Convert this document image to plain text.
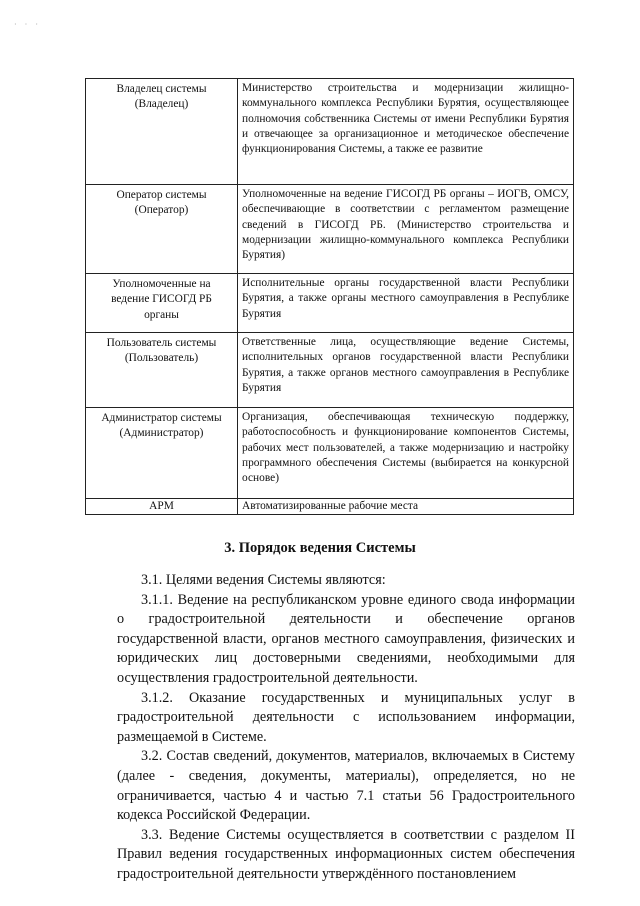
· · ·
Владелец системы
(Владелец)	Министерство строительства и модернизации жилищно-коммунального комплекса Республики Бурятия, осуществляющее полномочия собственника Системы от имени Республики Бурятия и отвечающее за организационное и методическое обеспечение функционирования Системы, а также ее развитие

Оператор системы
(Оператор)	Уполномоченные на ведение ГИСОГД РБ органы – ИОГВ, ОМСУ, обеспечивающие в соответствии с регламентом размещение сведений в ГИСОГД РБ. (Министерство строительства и модернизации жилищно-коммунального комплекса Республики Бурятия)

Уполномоченные на
ведение ГИСОГД РБ
органы	Исполнительные органы государственной власти Республики Бурятия, а также органы местного самоуправления в Республике Бурятия

Пользователь системы
(Пользователь)	Ответственные лица, осуществляющие ведение Системы, исполнительных органов государственной власти Республики Бурятия, а также органов местного самоуправления в Республике Бурятия

Администратор системы
(Администратор)	Организация, обеспечивающая техническую поддержку, работоспособность и функционирование компонентов Системы, рабочих мест пользователей, а также модернизацию и настройку программного обеспечения Системы (выбирается на конкурсной основе)

АРМ	Автоматизированные рабочие места
3. Порядок ведения Системы

3.1. Целями ведения Системы являются:

3.1.1. Ведение на республиканском уровне единого свода информации о градостроительной деятельности и обеспечение органов государственной власти, органов местного самоуправления, физических и юридических лиц достоверными сведениями, необходимыми для осуществления градостроительной деятельности.

3.1.2. Оказание государственных и муниципальных услуг в градостроительной деятельности с использованием информации, размещаемой в Системе.

3.2. Состав сведений, документов, материалов, включаемых в Систему (далее - сведения, документы, материалы), определяется, но не ограничивается, частью 4 и частью 7.1 статьи 56 Градостроительного кодекса Российской Федерации.

3.3. Ведение Системы осуществляется в соответствии с разделом II Правил ведения государственных информационных систем обеспечения градостроительной деятельности утверждённого постановлением
